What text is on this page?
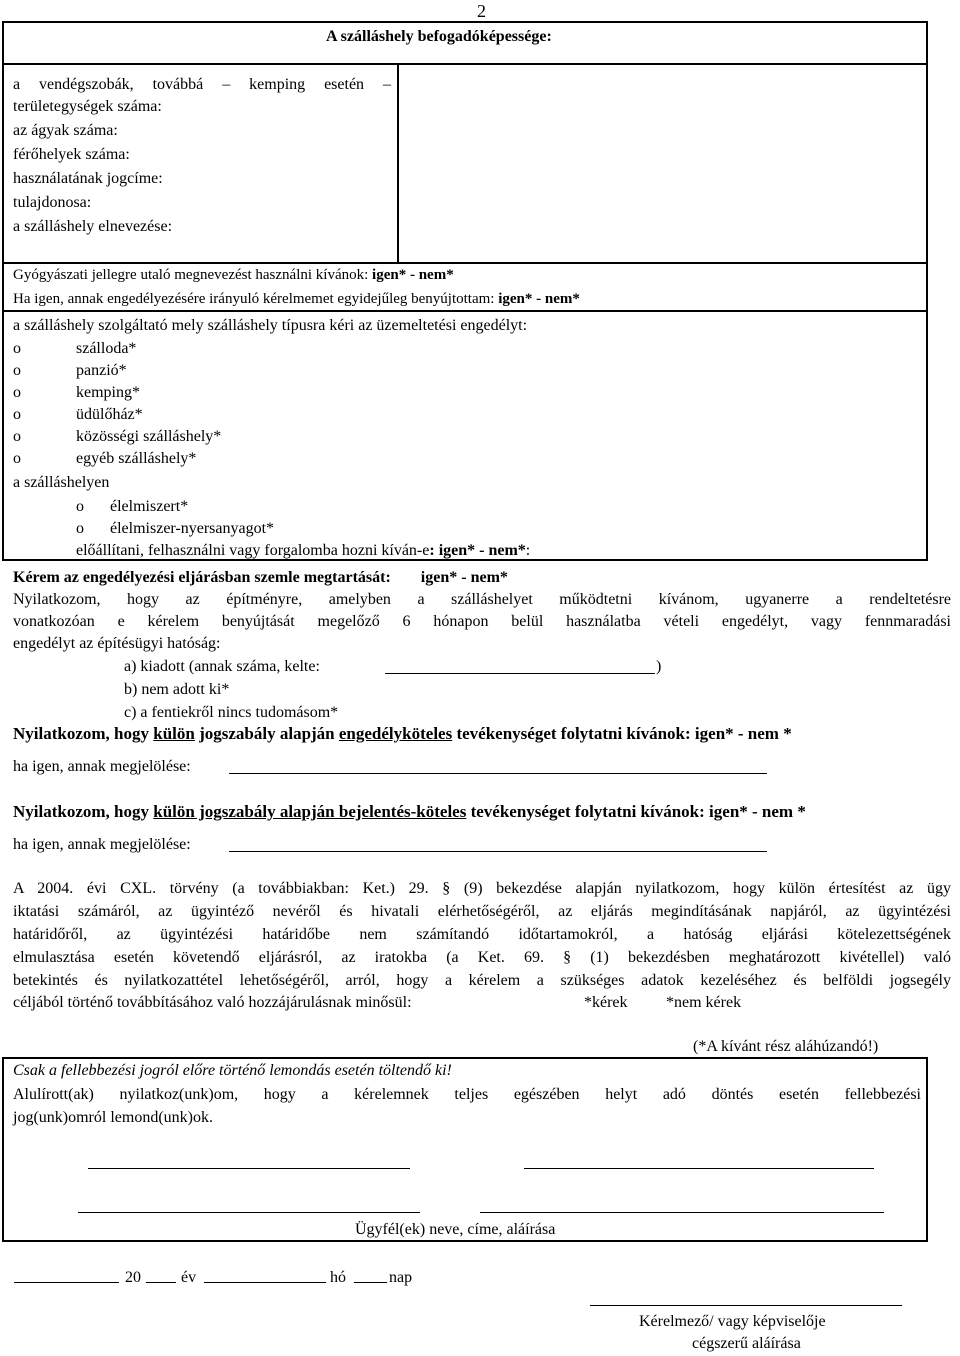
2
A szálláshely befogadóképessége:
a vendégszobák, továbbá – kemping esetén –
területegységek száma:
az ágyak száma:
férőhelyek száma:
használatának jogcíme:
tulajdonosa:
a szálláshely elnevezése:
Gyógyászati jellegre utaló megnevezést használni kívánok: igen* - nem*
Ha igen, annak engedélyezésére irányuló kérelmemet egyidejűleg benyújtottam: igen* - nem*
a szálláshely szolgáltató mely szálláshely típusra kéri az üzemeltetési engedélyt:
o	szálloda*
o	panzió*
o	kemping*
o	üdülőház*
o	közösségi szálláshely*
o	egyéb szálláshely*
a szálláshelyen
o élelmiszert*
o élelmiszer-nyersanyagot*
előállítani, felhasználni vagy forgalomba hozni kíván-e: igen* - nem*:
Kérem az engedélyezési eljárásban szemle megtartását: igen* - nem*
Nyilatkozom, hogy az építményre, amelyben a szálláshelyet működtetni kívánom, ugyanerre a rendeltetésre
vonatkozóan e kérelem benyújtását megelőző 6 hónapon belül használatba vételi engedélyt, vagy fennmaradási
engedélyt az építésügyi hatóság:
a) kiadott (annak száma, kelte:	)
b) nem adott ki*
c) a fentiekről nincs tudomásom*
Nyilatkozom, hogy külön jogszabály alapján engedélyköteles tevékenységet folytatni kívánok: igen* - nem *
ha igen, annak megjelölése:
Nyilatkozom, hogy külön jogszabály alapján bejelentés-köteles tevékenységet folytatni kívánok: igen* - nem *
ha igen, annak megjelölése:
A 2004. évi CXL. törvény (a továbbiakban: Ket.) 29. § (9) bekezdése alapján nyilatkozom, hogy külön értesítést az ügy
iktatási számáról, az ügyintéző nevéről és hivatali elérhetőségéről, az eljárás megindításának napjáról, az ügyintézési
határidőről, az ügyintézési határidőbe nem számítandó időtartamokról, a hatóság eljárási kötelezettségének
elmulasztása esetén követendő eljárásról, az iratokba (a Ket. 69. § (1) bekezdésben meghatározott kivétellel) való
betekintés és nyilatkozattétel lehetőségéről, arról, hogy a kérelem a szükséges adatok kezeléséhez és belföldi jogsegély
céljából történő továbbításához való hozzájárulásnak minősül:	*kérek *nem kérek
(*A kívánt rész aláhúzandó!)
Csak a fellebbezési jogról előre történő lemondás esetén töltendő ki!
Alulírott(ak) nyilatkoz(unk)om, hogy a kérelemnek teljes egészében helyt adó döntés esetén fellebbezési
jog(unk)omról lemond(unk)ok.
Ügyfél(ek) neve, címe, aláírása
20	év	hó	nap
Kérelmező/ vagy képviselője
cégszerű aláírása
